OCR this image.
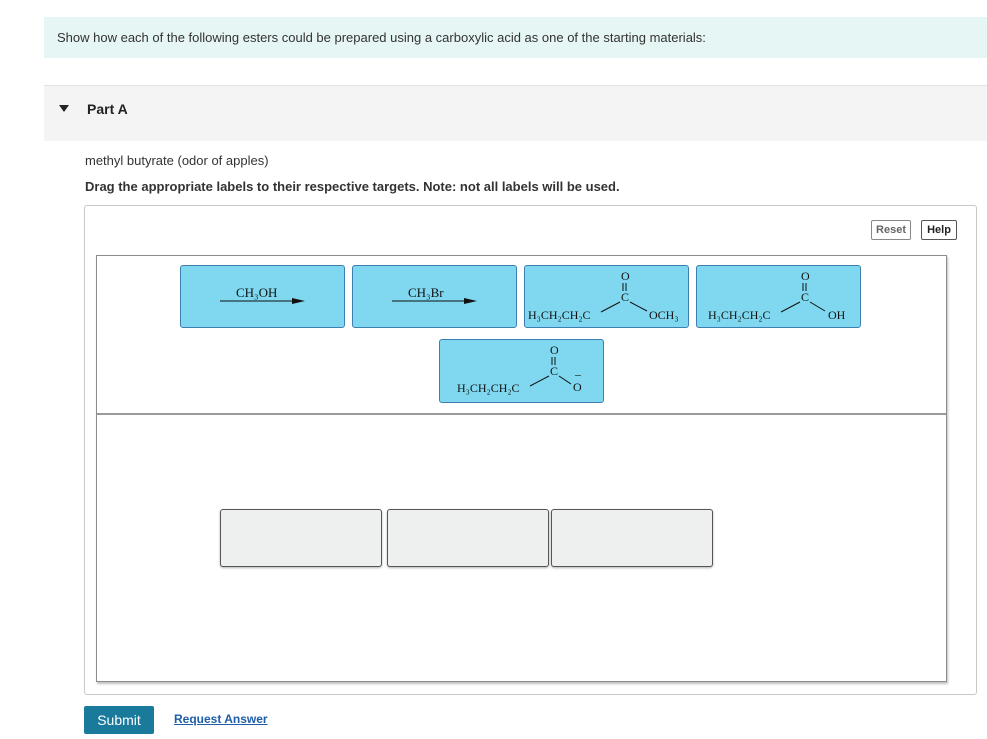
Show how each of the following esters could be prepared using a carboxylic acid as one of the starting materials:
Part A
methyl butyrate (odor of apples)
Drag the appropriate labels to their respective targets. Note: not all labels will be used.
Reset	Help
CH₃OH	CH₃Br
O
C
H₃CH₂CH₂C	OCH₃
O
C
H₃CH₂CH₂C	OH
O
C
H₃CH₂CH₂C	O
–
Submit	Request Answer
